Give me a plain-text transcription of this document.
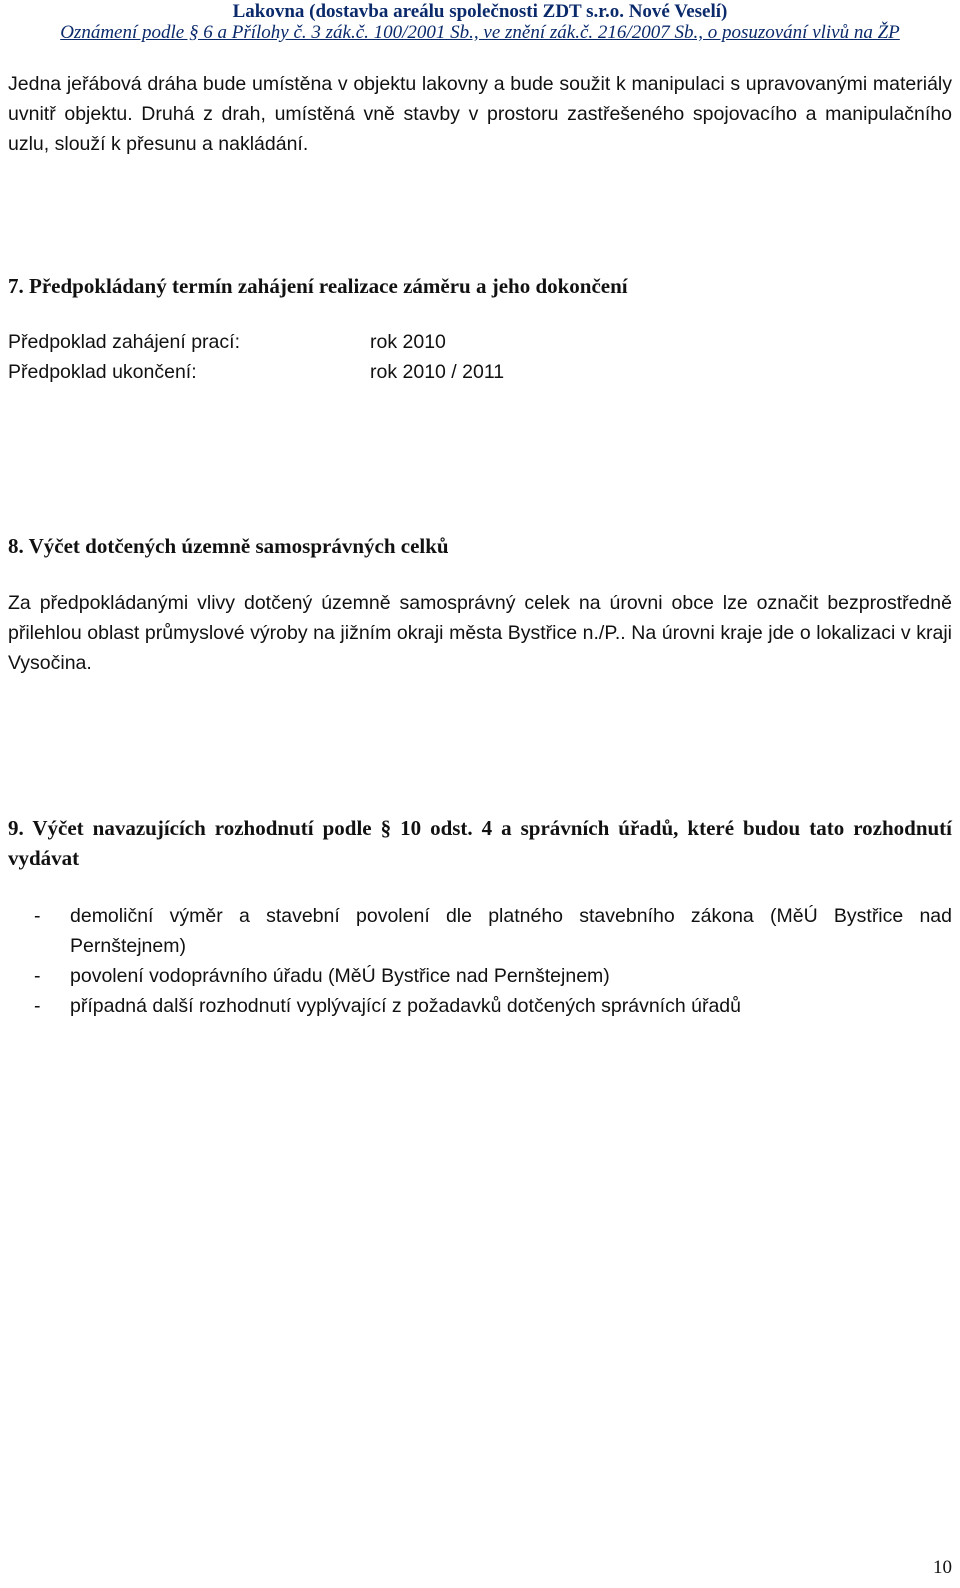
Lakovna (dostavba areálu společnosti ZDT s.r.o. Nové Veselí)
Oznámení podle § 6 a Přílohy č. 3 zák.č. 100/2001 Sb., ve znění zák.č. 216/2007 Sb., o posuzování vlivů na ŽP

Jedna jeřábová dráha bude umístěna v objektu lakovny a bude soužit k manipulaci s upravovanými materiály uvnitř objektu. Druhá z drah, umístěná vně stavby v prostoru zastřešeného spojovacího a manipulačního uzlu, slouží k přesunu a nakládání.

7. Předpokládaný termín zahájení realizace záměru a jeho dokončení
Předpoklad zahájení prací:	rok 2010
Předpoklad ukončení:	rok 2010 / 2011
8. Výčet dotčených územně samosprávných celků

Za předpokládanými vlivy dotčený územně samosprávný celek na úrovni obce lze označit bezprostředně přilehlou oblast průmyslové výroby na jižním okraji města Bystřice n./P.. Na úrovni kraje jde o lokalizaci v kraji Vysočina.

9. Výčet navazujících rozhodnutí podle § 10 odst. 4 a správních úřadů, které budou tato rozhodnutí vydávat
-	demoliční výměr a stavební povolení dle platného stavebního zákona (MěÚ Bystřice nad Pernštejnem)
-	povolení vodoprávního úřadu (MěÚ Bystřice nad Pernštejnem)
-	případná další rozhodnutí vyplývající z požadavků dotčených správních úřadů
10
